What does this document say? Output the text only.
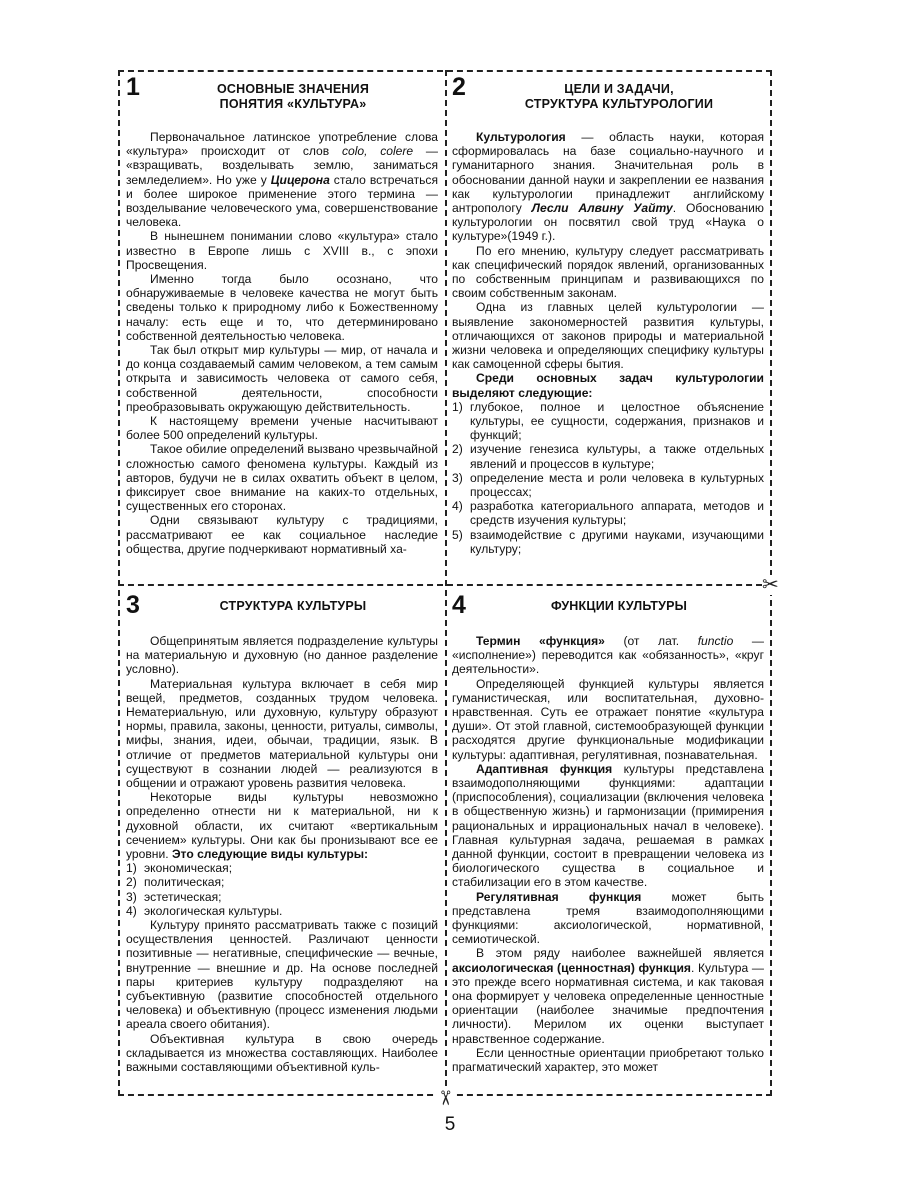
✂
✂
1	ОСНОВНЫЕ ЗНАЧЕНИЯ
ПОНЯТИЯ «КУЛЬТУРА»

Первоначальное латинское употребление слова «культура» происходит от слов colo, colere — «взращивать, возделывать землю, заниматься земледелием». Но уже у Цицерона стало встречаться и более широкое применение этого термина — возделывание человеческого ума, совершенствование человека.

В нынешнем понимании слово «культура» стало известно в Европе лишь с XVIII в., с эпохи Просвещения.

Именно тогда было осознано, что обнаруживаемые в человеке качества не могут быть сведены только к природному либо к Божественному началу: есть еще и то, что детерминировано собственной деятельностью человека.

Так был открыт мир культуры — мир, от начала и до конца создаваемый самим человеком, а тем самым открыта и зависимость человека от самого себя, собственной деятельности, способности преобразовывать окружающую действительность.

К настоящему времени ученые насчитывают более 500 определений культуры.

Такое обилие определений вызвано чрезвычайной сложностью самого феномена культуры. Каждый из авторов, будучи не в силах охватить объект в целом, фиксирует свое внимание на каких-то отдельных, существенных его сторонах.

Одни связывают культуру с традициями, рассматривают ее как социальное наследие общества, другие подчеркивают нормативный ха-

2	ЦЕЛИ И ЗАДАЧИ,
СТРУКТУРА КУЛЬТУРОЛОГИИ

Культурология — область науки, которая сформировалась на базе социально-научного и гуманитарного знания. Значительная роль в обосновании данной науки и закреплении ее названия как культурологии принадлежит английскому антропологу Лесли Алвину Уайту. Обоснованию культурологии он посвятил свой труд «Наука о культуре»(1949 г.).

По его мнению, культуру следует рассматривать как специфический порядок явлений, организованных по собственным принципам и развивающихся по своим собственным законам.

Одна из главных целей культурологии — выявление закономерностей развития культуры, отличающихся от законов природы и материальной жизни человека и определяющих специфику культуры как самоценной сферы бытия.

Среди основных задач культурологии выделяют следующие:

1) глубокое, полное и целостное объяснение культуры, ее сущности, содержания, признаков и функций;
2) изучение генезиса культуры, а также отдельных явлений и процессов в культуре;
3) определение места и роли человека в культурных процессах;
4) разработка категориального аппарата, методов и средств изучения культуры;
5) взаимодействие с другими науками, изучающими культуру;
3	СТРУКТУРА КУЛЬТУРЫ

Общепринятым является подразделение культуры на материальную и духовную (но данное разделение условно).

Материальная культура включает в себя мир вещей, предметов, созданных трудом человека. Нематериальную, или духовную, культуру образуют нормы, правила, законы, ценности, ритуалы, символы, мифы, знания, идеи, обычаи, традиции, язык. В отличие от предметов материальной культуры они существуют в сознании людей — реализуются в общении и отражают уровень развития человека.

Некоторые виды культуры невозможно определенно отнести ни к материальной, ни к духовной области, их считают «вертикальным сечением» культуры. Они как бы пронизывают все ее уровни. Это следующие виды культуры:

1) экономическая;
2) политическая;
3) эстетическая;
4) экологическая культуры.

Культуру принято рассматривать также с позиций осуществления ценностей. Различают ценности позитивные — негативные, специфические — вечные, внутренние — внешние и др. На основе последней пары критериев культуру подразделяют на субъективную (развитие способностей отдельного человека) и объективную (процесс изменения людьми ареала своего обитания).

Объективная культура в свою очередь складывается из множества составляющих. Наиболее важными составляющими объективной куль-

4	ФУНКЦИИ КУЛЬТУРЫ

Термин «функция» (от лат. functio — «исполнение») переводится как «обязанность», «круг деятельности».

Определяющей функцией культуры является гуманистическая, или воспитательная, духовно-нравственная. Суть ее отражает понятие «культура души». От этой главной, системообразующей функции расходятся другие функциональные модификации культуры: адаптивная, регулятивная, познавательная.

Адаптивная функция культуры представлена взаимодополняющими функциями: адаптации (приспособления), социализации (включения человека в общественную жизнь) и гармонизации (примирения рациональных и иррациональных начал в человеке). Главная культурная задача, решаемая в рамках данной функции, состоит в превращении человека из биологического существа в социальное и стабилизации его в этом качестве.

Регулятивная функция может быть представлена тремя взаимодополняющими функциями: аксиологической, нормативной, семиотической.

В этом ряду наиболее важнейшей является аксиологическая (ценностная) функция. Культура — это прежде всего нормативная система, и как таковая она формирует у человека определенные ценностные ориентации (наиболее значимые предпочтения личности). Мерилом их оценки выступает нравственное содержание.

Если ценностные ориентации приобретают только прагматический характер, это может

5
